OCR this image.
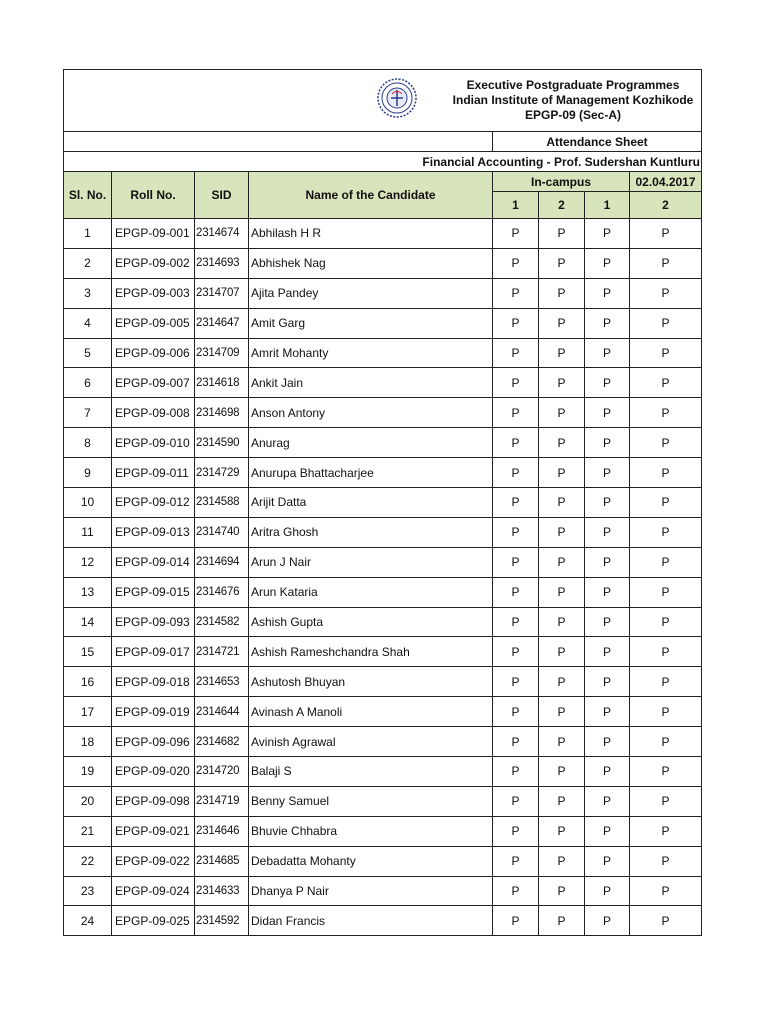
Executive Postgraduate Programmes
Indian Institute of Management Kozhikode
EPGP-09 (Sec-A)							

				Attendance Sheet			
Financial Accounting - Prof. Sudershan Kuntluru							
Sl. No.	Roll No.	SID	Name of the Candidate	In-campus			02.04.2017
				1	2	1	2
1	EPGP-09-001	2314674	Abhilash H R	P	P	P	P
2	EPGP-09-002	2314693	Abhishek Nag	P	P	P	P
3	EPGP-09-003	2314707	Ajita Pandey	P	P	P	P
4	EPGP-09-005	2314647	Amit Garg	P	P	P	P
5	EPGP-09-006	2314709	Amrit Mohanty	P	P	P	P
6	EPGP-09-007	2314618	Ankit Jain	P	P	P	P
7	EPGP-09-008	2314698	Anson Antony	P	P	P	P
8	EPGP-09-010	2314590	Anurag	P	P	P	P
9	EPGP-09-011	2314729	Anurupa Bhattacharjee	P	P	P	P
10	EPGP-09-012	2314588	Arijit Datta	P	P	P	P
11	EPGP-09-013	2314740	Aritra Ghosh	P	P	P	P
12	EPGP-09-014	2314694	Arun J Nair	P	P	P	P
13	EPGP-09-015	2314676	Arun Kataria	P	P	P	P
14	EPGP-09-093	2314582	Ashish Gupta	P	P	P	P
15	EPGP-09-017	2314721	Ashish Rameshchandra Shah	P	P	P	P
16	EPGP-09-018	2314653	Ashutosh Bhuyan	P	P	P	P
17	EPGP-09-019	2314644	Avinash A Manoli	P	P	P	P
18	EPGP-09-096	2314682	Avinish Agrawal	P	P	P	P
19	EPGP-09-020	2314720	Balaji S	P	P	P	P
20	EPGP-09-098	2314719	Benny Samuel	P	P	P	P
21	EPGP-09-021	2314646	Bhuvie Chhabra	P	P	P	P
22	EPGP-09-022	2314685	Debadatta Mohanty	P	P	P	P
23	EPGP-09-024	2314633	Dhanya P Nair	P	P	P	P
24	EPGP-09-025	2314592	Didan Francis	P	P	P	P
